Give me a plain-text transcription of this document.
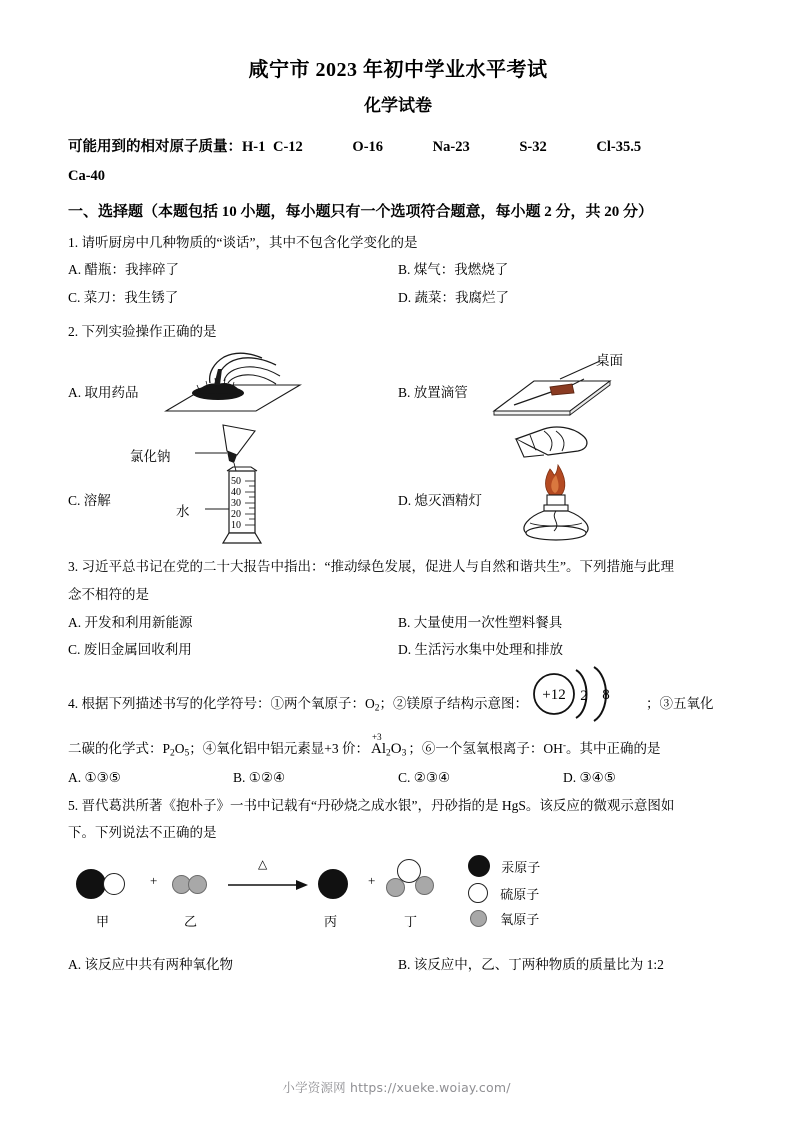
咸宁市 2023 年初中学业水平考试
化学试卷
可能用到的相对原子质量：H-1 C-12	O-16	Na-23	S-32	Cl-35.5
Ca-40
一、选择题（本题包括 10 小题，每小题只有一个选项符合题意，每小题 2 分，共 20 分）
1. 请听厨房中几种物质的“谈话”，其中不包含化学变化的是
A. 醋瓶：我摔碎了	B. 煤气：我燃烧了
C. 菜刀：我生锈了	D. 蔬菜：我腐烂了
2. 下列实验操作正确的是
A. 取用药品	B. 放置滴管
桌面
C. 溶解
氯化钠
水
50
40
30
20
10
D. 熄灭酒精灯
3. 习近平总书记在党的二十大报告中指出：“推动绿色发展，促进人与自然和谐共生”。下列措施与此理
念不相符的是
A. 开发和利用新能源	B. 大量使用一次性塑料餐具
C. 废旧金属回收利用	D. 生活污水集中处理和排放
4. 根据下列描述书写的化学符号：①两个氧原子：$O_2$；②镁原子结构示意图：
+12 2 8
；③五氧化
二碳的化学式：$P_2O_5$；④氧化铝中铝元素显+3 价：
+3
$Al_2O_3$ ；⑥一个氢氧根离子：OH-。其中正确的是
A. ①③⑤	B. ①②④	C. ②③④	D. ③④⑤
5. 晋代葛洪所著《抱朴子》一书中记载有“丹砂烧之成水银”，丹砂指的是 HgS。该反应的微观示意图如
下。下列说法不正确的是
甲
+
乙
△
丙
+
丁
汞原子
硫原子
氧原子
A. 该反应中共有两种氧化物	B. 该反应中，乙、丁两种物质的质量比为 1:2
小学资源网 https://xueke.woiay.com/
